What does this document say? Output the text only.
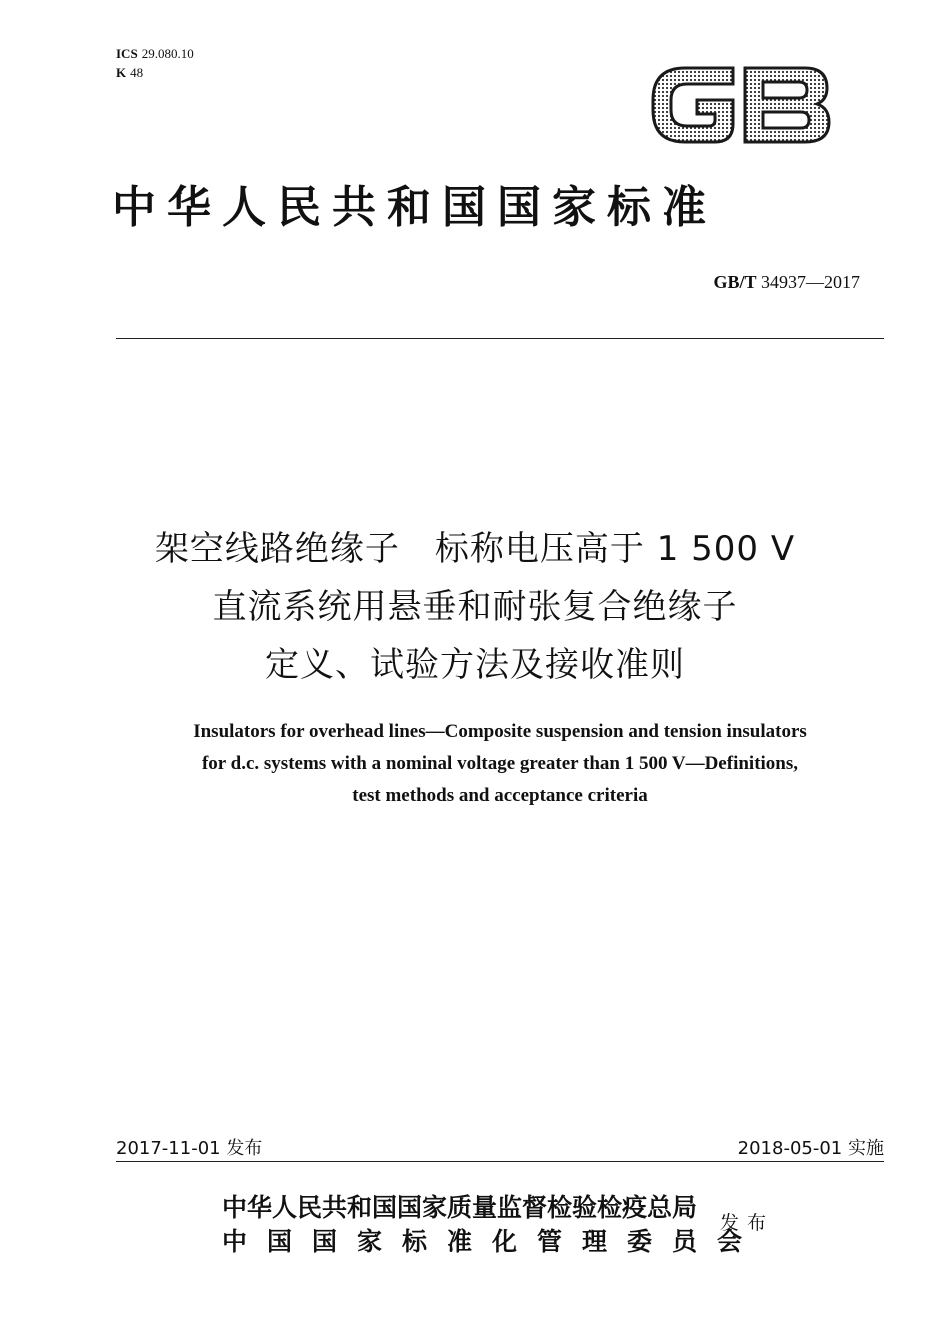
ICS 29.080.10
K 48
中华人民共和国国家标准
GB/T 34937—2017
架空线路绝缘子　标称电压高于 1 500 V
直流系统用悬垂和耐张复合绝缘子
定义、试验方法及接收准则
Insulators for overhead lines—Composite suspension and tension insulators
for d.c. systems with a nominal voltage greater than 1 500 V—Definitions,
test methods and acceptance criteria
2017-11-01 发布	2018-05-01 实施
中华人民共和国国家质量监督检验检疫总局
中国国家标准化管理委员会
发布
